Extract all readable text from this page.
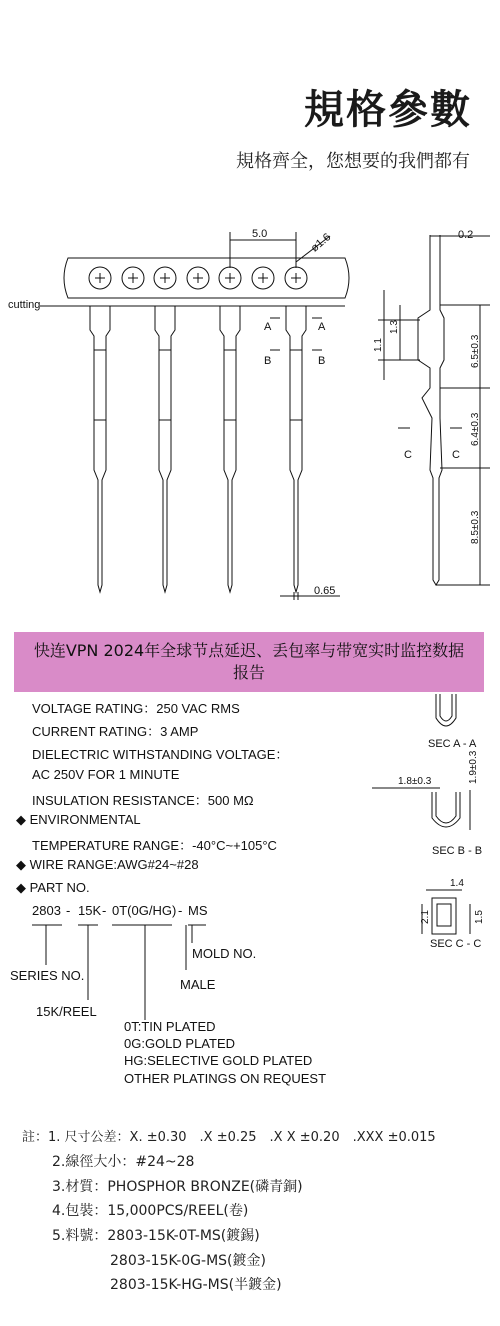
規格參數
規格齊全，您想要的我們都有
cutting
5.0	ø1.6
0.65
A	A
B	B
C	C
0.2
1.1
1.3
6.5±0.3
6.4±0.3
8.5±0.3
快连VPN 2024年全球节点延迟、丢包率与带宽实时监控数据报告
VOLTAGE RATING：250 VAC RMS
CURRENT RATING：3 AMP
DIELECTRIC WITHSTANDING VOLTAGE：
AC 250V FOR 1 MINUTE
INSULATION RESISTANCE：500 MΩ
◆ ENVIRONMENTAL
TEMPERATURE RANGE：-40°C~+105°C
◆ WIRE RANGE:AWG#24~#28
◆ PART NO.
2803 - 15K - 0T(0G/HG) - MS
MOLD NO.
MALE
SERIES NO.
15K/REEL
0T:TIN PLATED
0G:GOLD PLATED
HG:SELECTIVE GOLD PLATED
OTHER PLATINGS ON REQUEST
SEC A - A
1.8±0.3	1.9±0.3
SEC B - B
1.4
2.1	1.5
SEC C - C
註：1. 尺寸公差：X. ±0.30　.X ±0.25　.X X ±0.20　.XXX ±0.015
2.線徑大小：#24~28
3.材質：PHOSPHOR BRONZE(磷青銅)
4.包裝：15,000PCS/REEL(卷)
5.料號：2803-15K-0T-MS(鍍錫)
2803-15K-0G-MS(鍍金)
2803-15K-HG-MS(半鍍金)
